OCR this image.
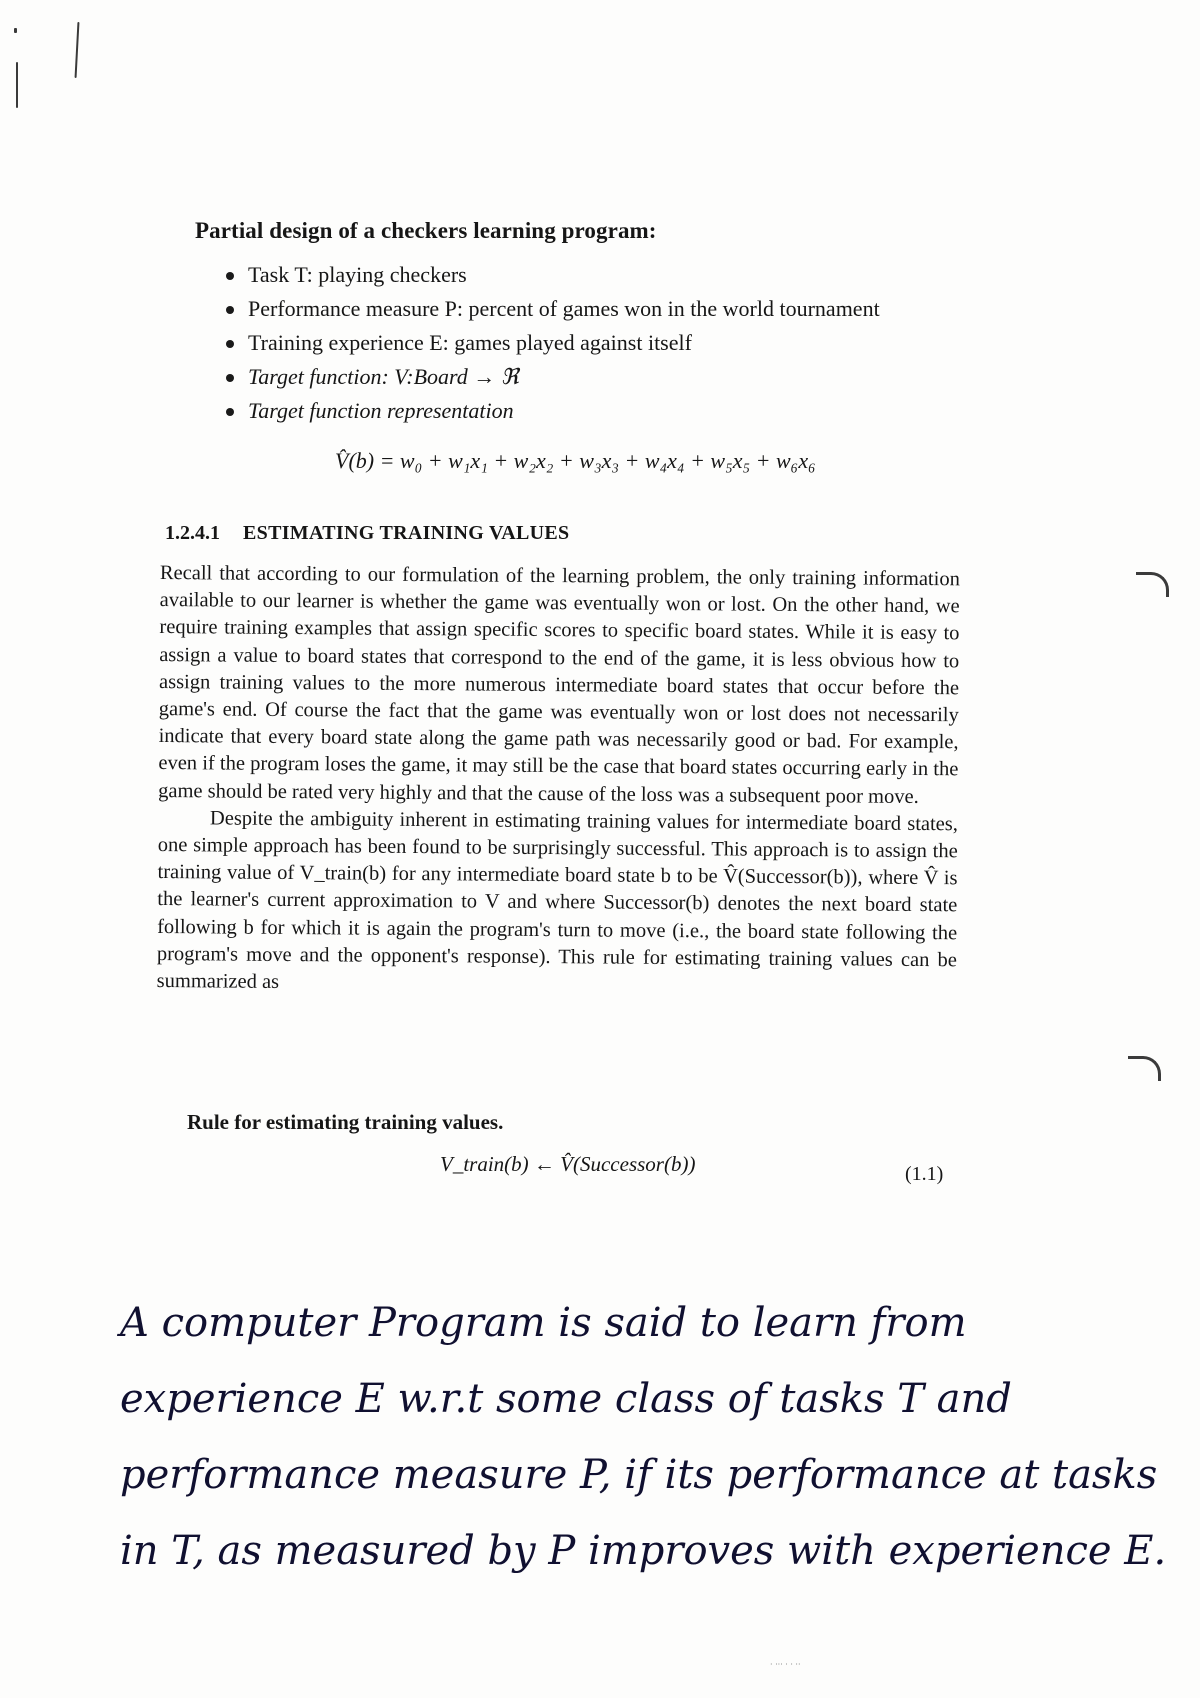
Partial design of a checkers learning program:
Task T: playing checkers
Performance measure P: percent of games won in the world tournament
Training experience E: games played against itself
Target function: V:Board → ℜ
Target function representation
V̂(b) = w₀ + w₁x₁ + w₂x₂ + w₃x₃ + w₄x₄ + w₅x₅ + w₆x₆
1.2.4.1 ESTIMATING TRAINING VALUES

Recall that according to our formulation of the learning problem, the only training information available to our learner is whether the game was eventually won or lost. On the other hand, we require training examples that assign specific scores to specific board states. While it is easy to assign a value to board states that correspond to the end of the game, it is less obvious how to assign training values to the more numerous intermediate board states that occur before the game's end. Of course the fact that the game was eventually won or lost does not necessarily indicate that every board state along the game path was necessarily good or bad. For example, even if the program loses the game, it may still be the case that board states occurring early in the game should be rated very highly and that the cause of the loss was a subsequent poor move.

Despite the ambiguity inherent in estimating training values for intermediate board states, one simple approach has been found to be surprisingly successful. This approach is to assign the training value of V_train(b) for any intermediate board state b to be V̂(Successor(b)), where V̂ is the learner's current approximation to V and where Successor(b) denotes the next board state following b for which it is again the program's turn to move (i.e., the board state following the program's move and the opponent's response). This rule for estimating training values can be summarized as

Rule for estimating training values.
V_train(b) ← V̂(Successor(b))	(1.1)
A computer Program is said to learn from
experience E w.r.t some class of tasks T and
performance measure P, if its performance at tasks
in T, as measured by P improves with experience E.
· ··· · · ··
